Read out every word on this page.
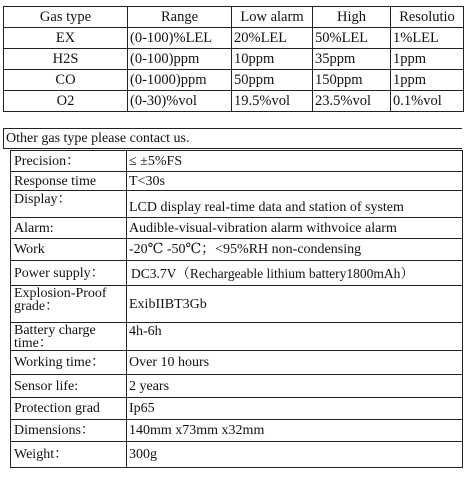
Gas type	Range	Low alarm	High	Resolutio
EX	(0-100)%LEL	20%LEL	50%LEL	1%LEL
H2S	(0-100)ppm	10ppm	35ppm	1ppm
CO	(0-1000)ppm	50ppm	150ppm	1ppm
O2	(0-30)%vol	19.5%vol	23.5%vol	0.1%vol
Other gas type please contact us.
Precision：	≤ ±5%FS
Response time	T<30s
Display：	LCD display real-time data and station of system
Alarm:	Audible-visual-vibration alarm withvoice alarm
Work	-20℃ -50℃；<95%RH non-condensing
Power supply：	DC3.7V（Rechargeable lithium battery1800mAh）
Explosion-Proof grade：	ExibIIBT3Gb
Battery charge time：	4h-6h
Working time：	Over 10 hours
Sensor life:	2 years
Protection grad	Ip65
Dimensions：	140mm x73mm x32mm
Weight：	300g
